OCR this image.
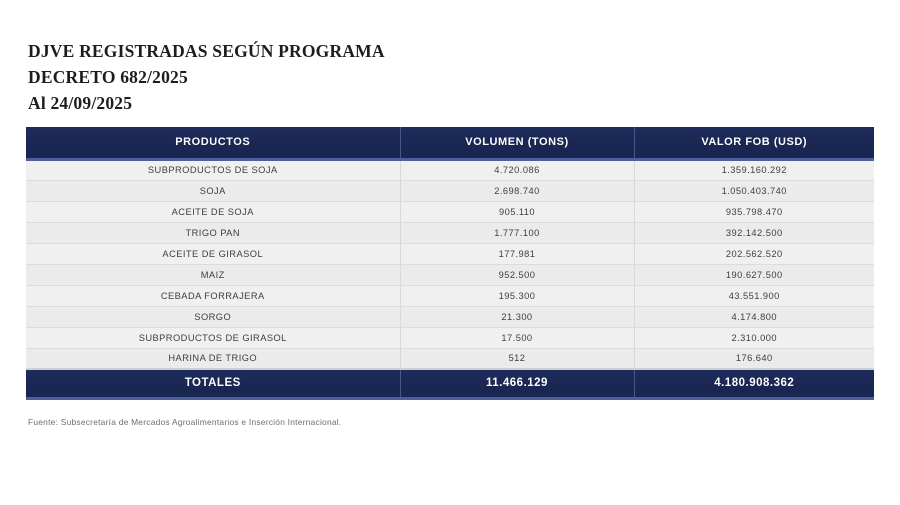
DJVE REGISTRADAS SEGÚN PROGRAMA
DECRETO 682/2025
Al 24/09/2025
PRODUCTOS	VOLUMEN (TONS)	VALOR FOB (USD)
SUBPRODUCTOS DE SOJA	4.720.086	1.359.160.292
SOJA	2.698.740	1.050.403.740
ACEITE DE SOJA	905.110	935.798.470
TRIGO PAN	1.777.100	392.142.500
ACEITE DE GIRASOL	177.981	202.562.520
MAIZ	952.500	190.627.500
CEBADA FORRAJERA	195.300	43.551.900
SORGO	21.300	4.174.800
SUBPRODUCTOS DE GIRASOL	17.500	2.310.000
HARINA DE TRIGO	512	176.640
TOTALES	11.466.129	4.180.908.362
Fuente: Subsecretaría de Mercados Agroalimentarios e Inserción Internacional.
